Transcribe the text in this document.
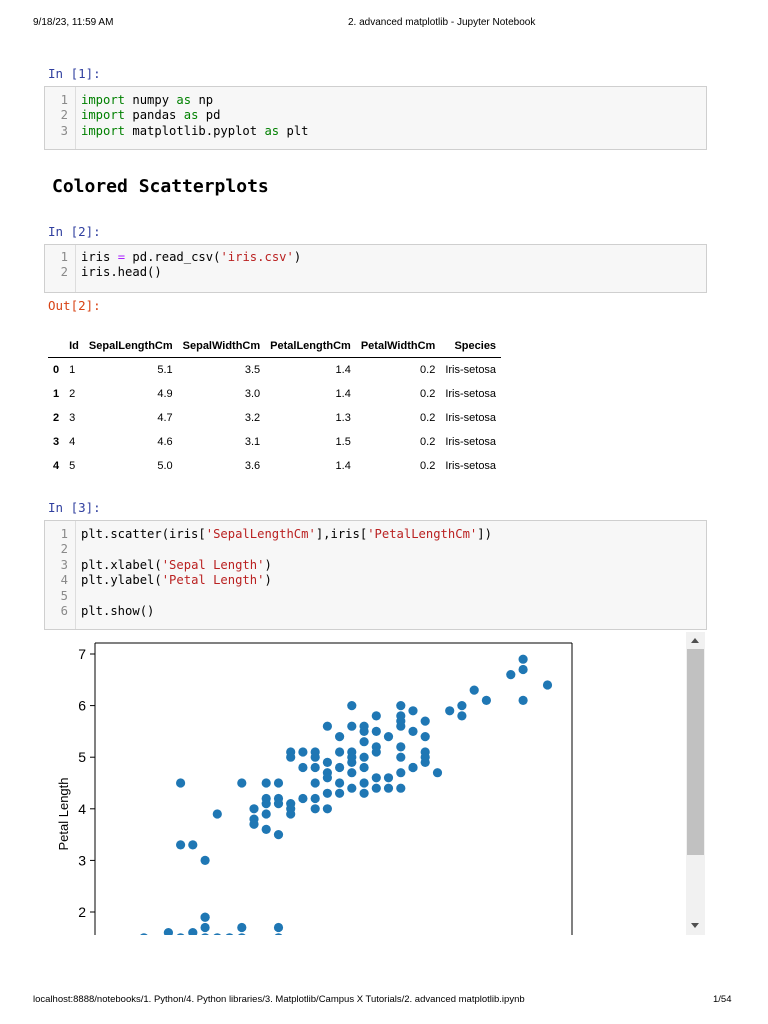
9/18/23, 11:59 AM	2. advanced matplotlib - Jupyter Notebook
localhost:8888/notebooks/1. Python/4. Python libraries/3. Matplotlib/Campus X Tutorials/2. advanced matplotlib.ipynb	1/54
In [1]:
1 import numpy as np
2 import pandas as pd
3 import matplotlib.pyplot as plt
Colored Scatterplots
In [2]:
1 iris = pd.read_csv('iris.csv')
2 iris.head()
Out[2]:
	Id	SepalLengthCm	SepalWidthCm	PetalLengthCm	PetalWidthCm	Species
0	1	5.1	3.5	1.4	0.2	Iris-setosa
1	2	4.9	3.0	1.4	0.2	Iris-setosa
2	3	4.7	3.2	1.3	0.2	Iris-setosa
3	4	4.6	3.1	1.5	0.2	Iris-setosa
4	5	5.0	3.6	1.4	0.2	Iris-setosa
In [3]:
1 plt.scatter(iris['SepalLengthCm'],iris['PetalLengthCm'])
2
3 plt.xlabel('Sepal Length')
4 plt.ylabel('Petal Length')
5
6 plt.show()
7
6
5
4
3
2
Petal Length
